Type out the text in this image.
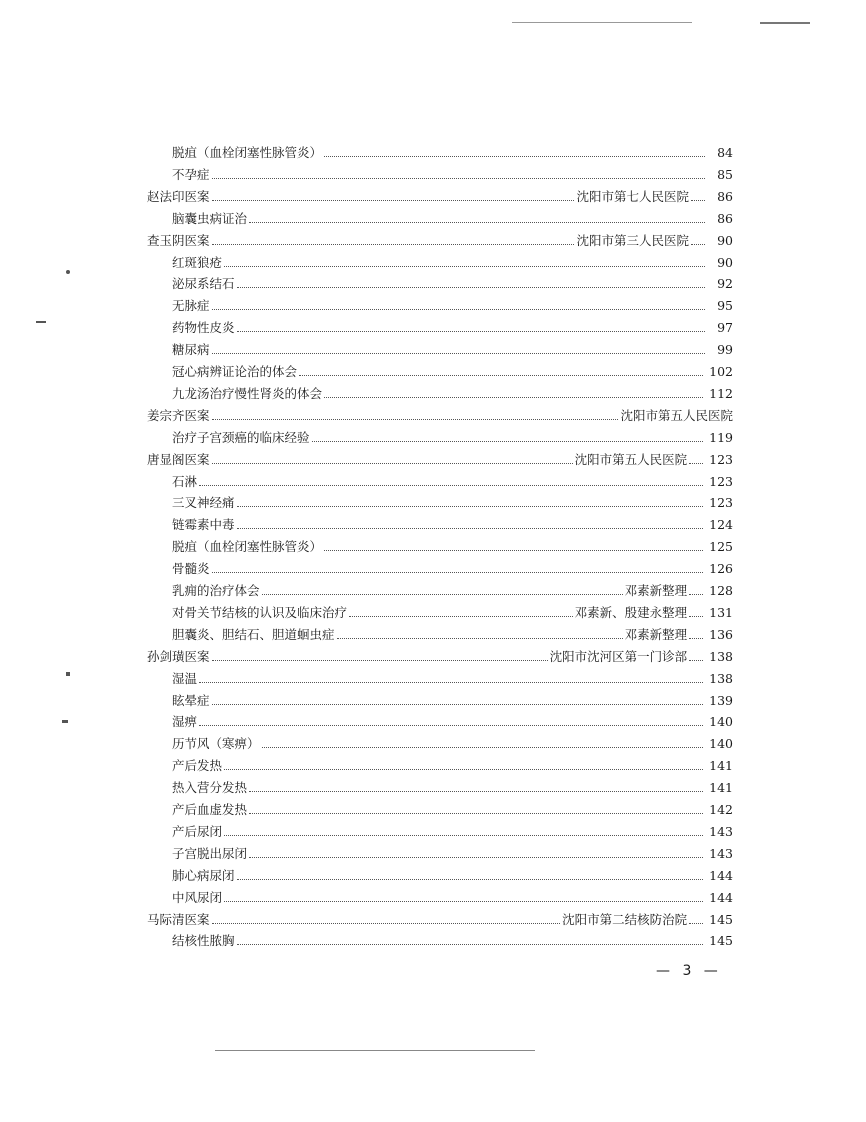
脱疽（血栓闭塞性脉管炎）	84
不孕症	85
赵法印医案	沈阳市第七人民医院	86
脑囊虫病证治	86
查玉阴医案	沈阳市第三人民医院	90
红斑狼疮	90
泌尿系结石	92
无脉症	95
药物性皮炎	97
糖尿病	99
冠心病辨证论治的体会	102
九龙汤治疗慢性肾炎的体会	112
姜宗齐医案	沈阳市第五人民医院
治疗子宫颈癌的临床经验	119
唐显阁医案	沈阳市第五人民医院 123
石淋	123
三叉神经痛	123
链霉素中毒	124
脱疽（血栓闭塞性脉管炎）	125
骨髓炎	126
乳痈的治疗体会	邓素新整理 128
对骨关节结核的认识及临床治疗	邓素新、殷建永整理 131
胆囊炎、胆结石、胆道蛔虫症	邓素新整理 136
孙剑璜医案	沈阳市沈河区第一门诊部 138
湿温	138
眩晕症	139
湿痹	140
历节风（寒痹）	140
产后发热	141
热入营分发热	141
产后血虚发热	142
产后尿闭	143
子宫脱出尿闭	143
肺心病尿闭	144
中风尿闭	144
马际清医案	沈阳市第二结核防治院 145
结核性脓胸	145
— 3 —
